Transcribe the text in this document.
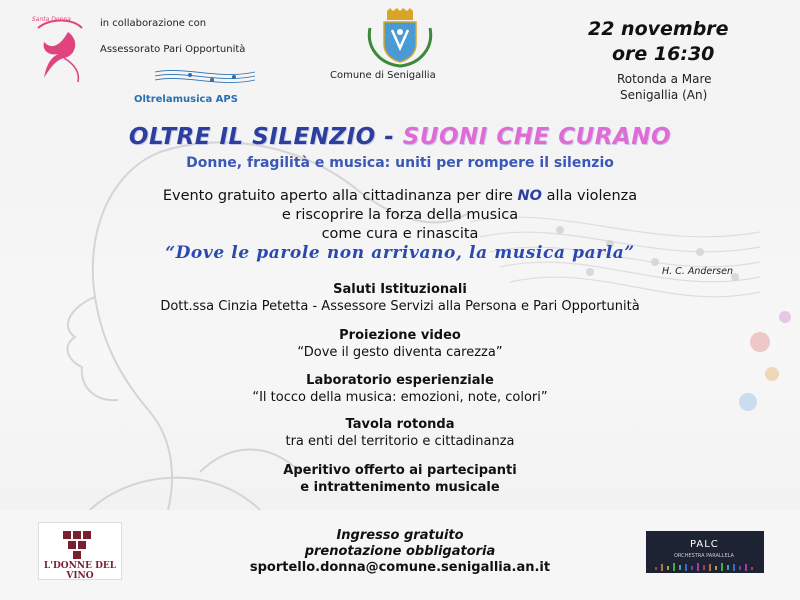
Santa Donna	in collaborazione con
Assessorato Pari Opportunità
Oltrelamusica APS
Comune di Senigallia
22 novembre
ore 16:30
Rotonda a Mare
Senigallia (An)
OLTRE IL SILENZIO - SUONI CHE CURANO
Donne, fragilità e musica: uniti per rompere il silenzio
Evento gratuito aperto alla cittadinanza per dire NO alla violenza
e riscoprire la forza della musica
come cura e rinascita
“Dove le parole non arrivano, la musica parla”
H. C. Andersen
Saluti Istituzionali
Dott.ssa Cinzia Petetta - Assessore Servizi alla Persona e Pari Opportunità
Proiezione video
“Dove il gesto diventa carezza”
Laboratorio esperienziale
“Il tocco della musica: emozioni, note, colori”
Tavola rotonda
tra enti del territorio e cittadinanza
Aperitivo offerto ai partecipanti
e intrattenimento musicale
L'DONNE DEL VINO
Ingresso gratuito
prenotazione obbligatoria
sportello.donna@comune.senigallia.an.it
PALC
ORCHESTRA PARALLELA
